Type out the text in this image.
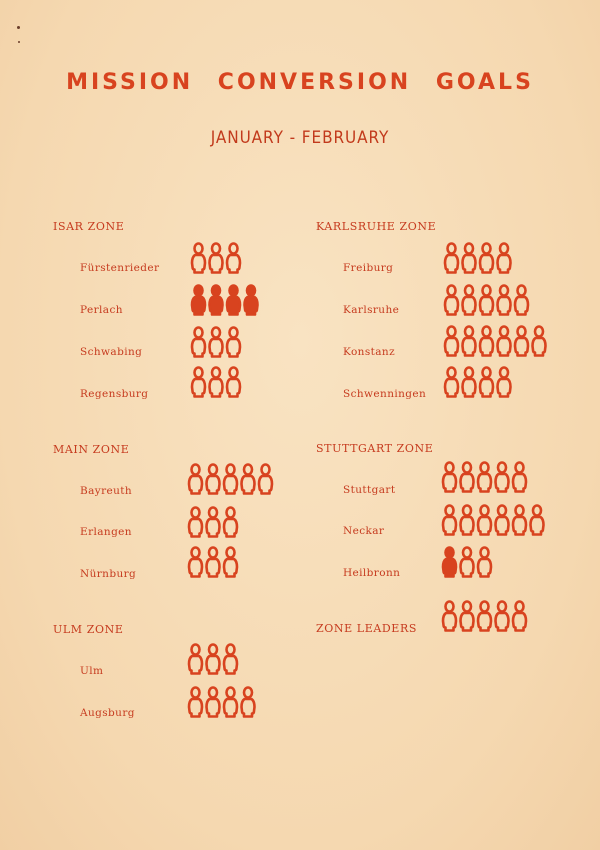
MISSION CONVERSION GOALS
JANUARY - FEBRUARY
ISAR ZONE
Fürstenrieder
Perlach
Schwabing
Regensburg
MAIN ZONE
Bayreuth
Erlangen
Nürnburg
ULM ZONE
Ulm
Augsburg
KARLSRUHE ZONE
Freiburg
Karlsruhe
Konstanz
Schwenningen
STUTTGART ZONE
Stuttgart
Neckar
Heilbronn
ZONE LEADERS
